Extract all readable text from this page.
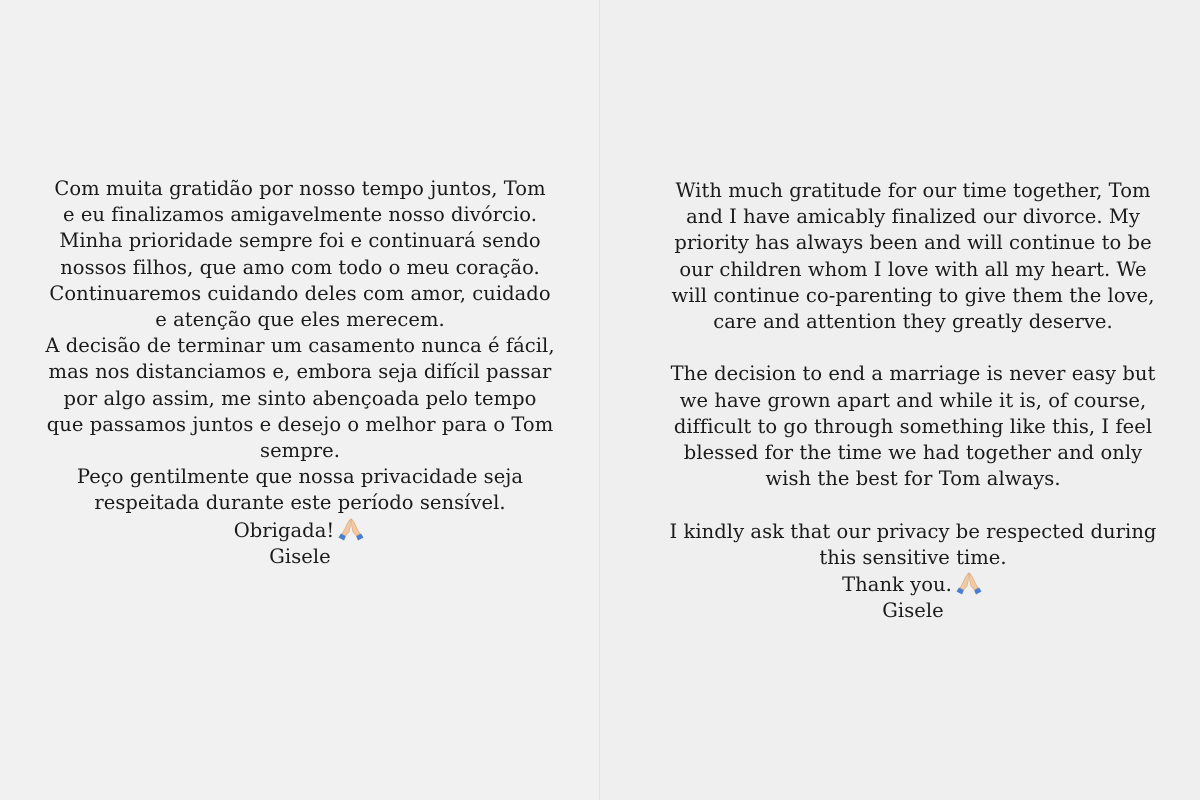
Com muita gratidão por nosso tempo juntos, Tom
e eu finalizamos amigavelmente nosso divórcio.
Minha prioridade sempre foi e continuará sendo
nossos filhos, que amo com todo o meu coração.
Continuaremos cuidando deles com amor, cuidado
e atenção que eles merecem.
A decisão de terminar um casamento nunca é fácil,
mas nos distanciamos e, embora seja difícil passar
por algo assim, me sinto abençoada pelo tempo
que passamos juntos e desejo o melhor para o Tom
sempre.
Peço gentilmente que nossa privacidade seja
respeitada durante este período sensível.
Obrigada!
Gisele
With much gratitude for our time together, Tom
and I have amicably finalized our divorce. My
priority has always been and will continue to be
our children whom I love with all my heart. We
will continue co-parenting to give them the love,
care and attention they greatly deserve.
The decision to end a marriage is never easy but
we have grown apart and while it is, of course,
difficult to go through something like this, I feel
blessed for the time we had together and only
wish the best for Tom always.
I kindly ask that our privacy be respected during
this sensitive time.
Thank you.
Gisele
